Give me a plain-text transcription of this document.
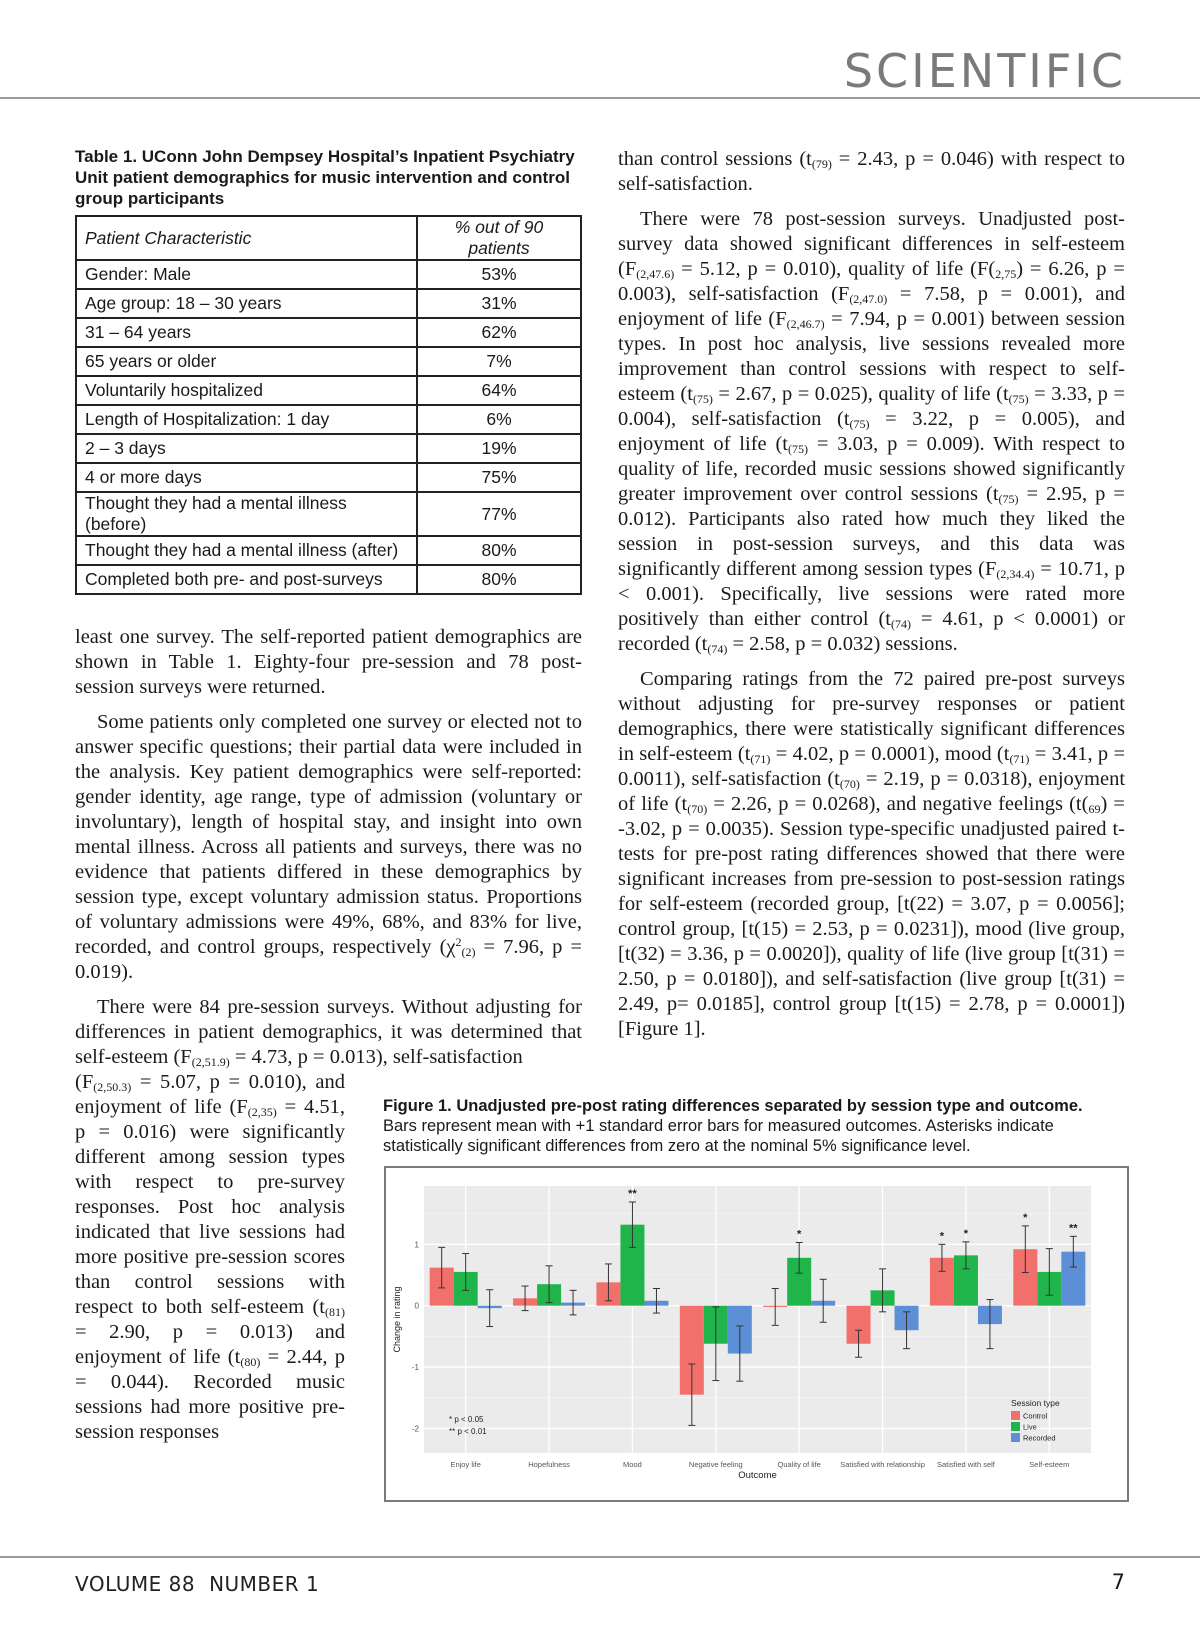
SCIENTIFIC
Table 1. UConn John Dempsey Hospital’s Inpatient Psychiatry Unit patient demographics for music intervention and control group participants
Patient Characteristic	% out of 90 patients
Gender: Male	53%
Age group: 18 – 30 years	31%
31 – 64 years	62%
65 years or older	7%
Voluntarily hospitalized	64%
Length of Hospitalization: 1 day	6%
2 – 3 days	19%
4 or more days	75%
Thought they had a mental illness (before)	77%
Thought they had a mental illness (after)	80%
Completed both pre- and post-surveys	80%

least one survey. The self-reported patient demographics are shown in Table 1. Eighty-four pre-session and 78 post-session surveys were returned.

Some patients only completed one survey or elected not to answer specific questions; their partial data were included in the analysis. Key patient demographics were self-reported: gender identity, age range, type of admission (voluntary or involuntary), length of hospital stay, and insight into own mental illness. Across all patients and surveys, there was no evidence that patients differed in these demographics by session type, except voluntary admission status. Proportions of voluntary admissions were 49%, 68%, and 83% for live, recorded, and control groups, respectively ($\chi^2_{(2)} = 7.96$, p = 0.019).

There were 84 pre-session surveys. Without adjusting for differences in patient demographics, it was determined that self-esteem ($F_{(2,51.9)} = 4.73$, p = 0.013), self-satisfaction

($F_{(2,50.3)} = 5.07$, p = 0.010), and enjoyment of life ($F_{(2,35)} = 4.51$, p = 0.016) were significantly different among session types with respect to pre-survey responses. Post hoc analysis indicated that live sessions had more positive pre-session scores than control sessions with respect to both self-esteem ($t_{(81)} = 2.90$, p = 0.013) and enjoyment of life ($t_{(80)} = 2.44$, p = 0.044). Recorded music sessions had more positive pre-session responses

than control sessions ($t_{(79)} = 2.43$, p = 0.046) with respect to self-satisfaction.

There were 78 post-session surveys. Unadjusted post-survey data showed significant differences in self-esteem ($F_{(2,47.6)} = 5.12$, p = 0.010), quality of life ($F(_{2,75}) = 6.26$, p = 0.003), self-satisfaction ($F_{(2,47.0)} = 7.58$, p = 0.001), and enjoyment of life ($F_{(2,46.7)} = 7.94$, p = 0.001) between session types. In post hoc analysis, live sessions revealed more improvement than control sessions with respect to self-esteem ($t_{(75)} = 2.67$, p = 0.025), quality of life ($t_{(75)} = 3.33$, p = 0.004), self-satisfaction ($t_{(75)} = 3.22$, p = 0.005), and enjoyment of life ($t_{(75)} = 3.03$, p = 0.009). With respect to quality of life, recorded music sessions showed significantly greater improvement over control sessions ($t_{(75)} = 2.95$, p = 0.012). Participants also rated how much they liked the session in post-session surveys, and this data was significantly different among session types ($F_{(2,34.4)} = 10.71$, p < 0.001). Specifically, live sessions were rated more positively than either control ($t_{(74)} = 4.61$, p < 0.0001) or recorded ($t_{(74)} = 2.58$, p = 0.032) sessions.

Comparing ratings from the 72 paired pre-post surveys without adjusting for pre-survey responses or patient demographics, there were statistically significant differences in self-esteem ($t_{(71)} = 4.02$, p = 0.0001), mood ($t_{(71)} = 3.41$, p = 0.0011), self-satisfaction ($t_{(70)} = 2.19$, p = 0.0318), enjoyment of life ($t_{(70)} = 2.26$, p = 0.0268), and negative feelings ($t(_{69}) = -3.02$, p = 0.0035). Session type-specific unadjusted paired t-tests for pre-post rating differences showed that there were significant increases from pre-session to post-session ratings for self-esteem (recorded group, [t(22) = 3.07, p = 0.0056]; control group, [t(15) = 2.53, p = 0.0231]), mood (live group, [t(32) = 3.36, p = 0.0020]), quality of life (live group [t(31) = 2.50, p = 0.0180]), and self-satisfaction (live group [t(31) = 2.49, p= 0.0185], control group [t(15) = 2.78, p = 0.0001]) [Figure 1].

Figure 1. Unadjusted pre-post rating differences separated by session type and outcome. Bars represent mean with +1 standard error bars for measured outcomes. Asterisks indicate statistically significant differences from zero at the nominal 5% significance level.
-2
-1
0
1
Change in rating
Enjoy life	Hopefulness	Mood
**
Negative feeling	Quality of life
*
Satisfied with relationship Satisfied with self
* *
Self-esteem
*
**
Outcome
* p < 0.05
** p < 0.01
Session type
Control
Live
Recorded
VOLUME 88 NUMBER 1	7
